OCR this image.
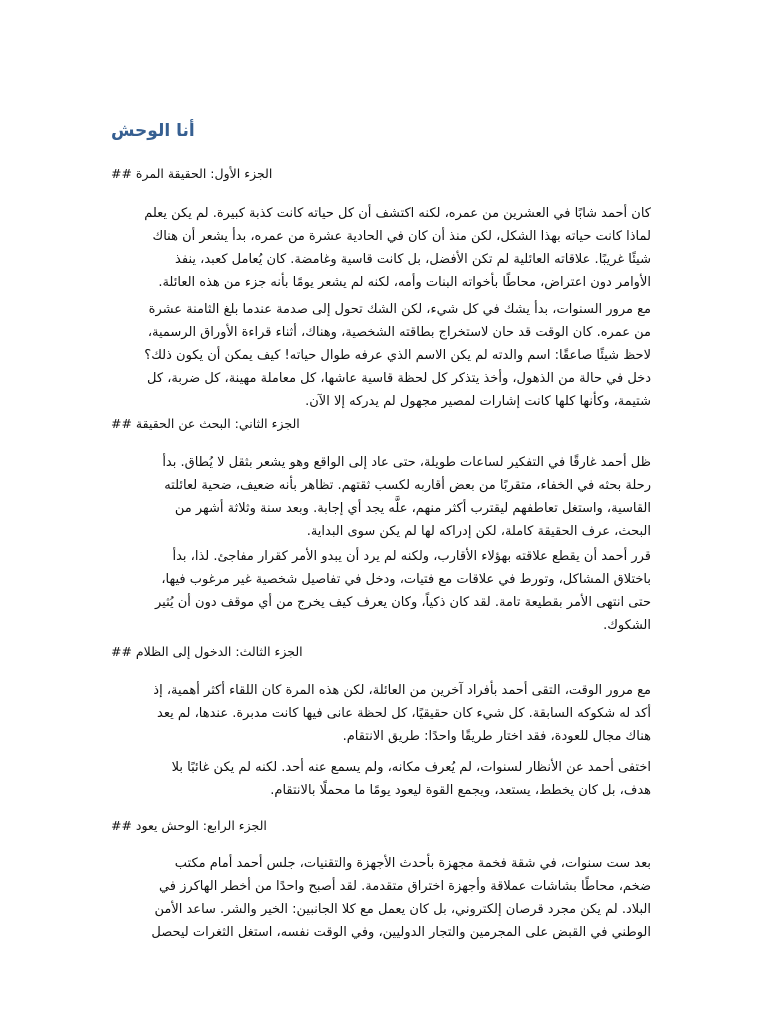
أنا الوحش
الجزء الأول: الحقيقة المرة ##
كان أحمد شابًا في العشرين من عمره، لكنه اكتشف أن كل حياته كانت كذبة كبيرة. لم يكن يعلم
لماذا كانت حياته بهذا الشكل، لكن منذ أن كان في الحادية عشرة من عمره، بدأ يشعر أن هناك
شيئًا غريبًا. علاقاته العائلية لم تكن الأفضل، بل كانت قاسية وغامضة. كان يُعامل كعبد، ينفذ
الأوامر دون اعتراض، محاطًا بأخواته البنات وأمه، لكنه لم يشعر يومًا بأنه جزء من هذه العائلة.
مع مرور السنوات، بدأ يشك في كل شيء، لكن الشك تحول إلى صدمة عندما بلغ الثامنة عشرة
من عمره. كان الوقت قد حان لاستخراج بطاقته الشخصية، وهناك، أثناء قراءة الأوراق الرسمية،
لاحظ شيئًا صاعقًا: اسم والدته لم يكن الاسم الذي عرفه طوال حياته! كيف يمكن أن يكون ذلك؟
دخل في حالة من الذهول، وأخذ يتذكر كل لحظة قاسية عاشها، كل معاملة مهينة، كل ضربة، كل
شتيمة، وكأنها كلها كانت إشارات لمصير مجهول لم يدركه إلا الآن.
الجزء الثاني: البحث عن الحقيقة ##
ظل أحمد غارقًا في التفكير لساعات طويلة، حتى عاد إلى الواقع وهو يشعر بثقل لا يُطاق. بدأ
رحلة بحثه في الخفاء، متقربًا من بعض أقاربه لكسب ثقتهم. تظاهر بأنه ضعيف، ضحية لعائلته
القاسية، واستغل تعاطفهم ليقترب أكثر منهم، علَّه يجد أي إجابة. وبعد سنة وثلاثة أشهر من
البحث، عرف الحقيقة كاملة، لكن إدراكه لها لم يكن سوى البداية.
قرر أحمد أن يقطع علاقته بهؤلاء الأقارب، ولكنه لم يرد أن يبدو الأمر كقرار مفاجئ. لذا، بدأ
باختلاق المشاكل، وتورط في علاقات مع فتيات، ودخل في تفاصيل شخصية غير مرغوب فيها،
حتى انتهى الأمر بقطيعة تامة. لقد كان ذكياً، وكان يعرف كيف يخرج من أي موقف دون أن يُثير
الشكوك.
الجزء الثالث: الدخول إلى الظلام ##
مع مرور الوقت، التقى أحمد بأفراد آخرين من العائلة، لكن هذه المرة كان اللقاء أكثر أهمية، إذ
أكد له شكوكه السابقة. كل شيء كان حقيقيًا، كل لحظة عانى فيها كانت مدبرة. عندها، لم يعد
هناك مجال للعودة، فقد اختار طريقًا واحدًا: طريق الانتقام.
اختفى أحمد عن الأنظار لسنوات، لم يُعرف مكانه، ولم يسمع عنه أحد. لكنه لم يكن غائبًا بلا
هدف، بل كان يخطط، يستعد، ويجمع القوة ليعود يومًا ما محملًا بالانتقام.
الجزء الرابع: الوحش يعود ##
بعد ست سنوات، في شقة فخمة مجهزة بأحدث الأجهزة والتقنيات، جلس أحمد أمام مكتب
ضخم، محاطًا بشاشات عملاقة وأجهزة اختراق متقدمة. لقد أصبح واحدًا من أخطر الهاكرز في
البلاد. لم يكن مجرد قرصان إلكتروني، بل كان يعمل مع كلا الجانبين: الخير والشر. ساعد الأمن
الوطني في القبض على المجرمين والتجار الدوليين، وفي الوقت نفسه، استغل الثغرات ليحصل
